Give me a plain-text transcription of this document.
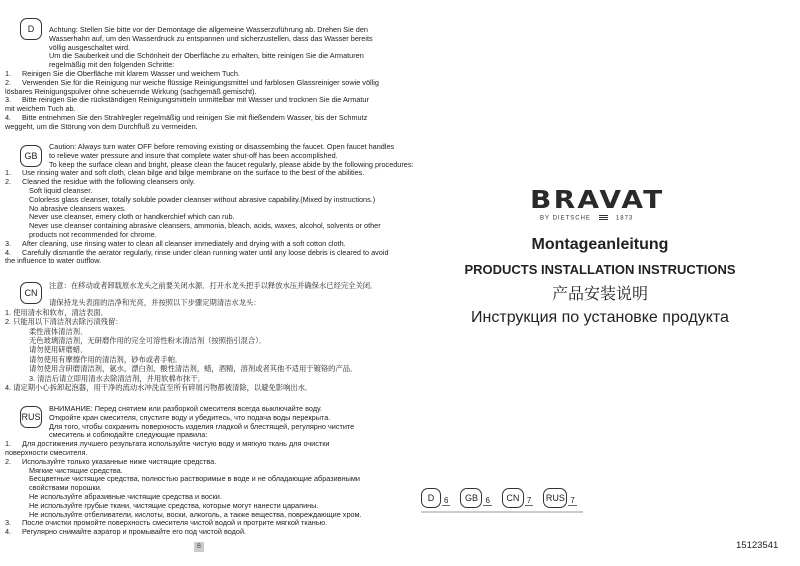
D	Achtung: Stellen Sie bitte vor der Demontage die allgemeine Wasserzuführung ab. Drehen Sie den
Wasserhahn auf, um den Wasserdruck zu entspannen und sicherzustellen, dass das Wasser bereits
völlig ausgeschaltet wird.
Um die Sauberkeit und die Schönheit der Oberfläche zu erhalten, bitte reinigen Sie die Armaturen
regelmäßig mit den folgenden Schritte:
1. Reinigen Sie die Oberfläche mit klarem Wasser und weichem Tuch.
2. Verwenden Sie für die Reinigung nur weiche flüssige Reinigungsmittel und farblosen Glassreiniger sowie völlig
lösbares Reinigungspulver ohne scheuernde Wirkung (sachgemäß gemischt).
3. Bitte reinigen Sie die rückständigen Reinigungsmitteln unmittelbar mit Wasser und trocknen Sie die Armatur
mit weichem Tuch ab.
4. Bitte entnehmen Sie den Strahlregler regelmäßig und reinigen Sie mit fließendem Wasser, bis der Schmutz
weggeht, um die Störung von dem Durchfluß zu vermeiden.
GB
Caution: Always turn water OFF before removing existing or disassembing the faucet. Open faucet handles
to relieve water pressure and insure that complete water shut-off has been accomplished.
To keep the surface clean and bright, please clean the faucet regularly, please abide by the following procedures:
1. Use rinsing water and soft cloth, clean bilge and bilge membrane on the surface to the best of the abilities.
2. Cleaned the residue with the following cleansers only.
Soft liquid cleanser.
Colorless glass cleanser, totally soluble powder cleanser without abrasive capability.(Mixed by instructions.)
No abrasive cleansers waxes.
Never use cleanser, emery cloth or handkerchief which can rub.
Never use cleanser containing abrasive cleansers, ammonia, bleach, acids, waxes, alcohol, solvents or other
products not recommended for chrome.
3. After cleaning, use rinsing water to clean all cleanser immediately and drying with a soft cotton cloth.
4. Carefully dismantle the aerator regularly, rinse under clean running water until any loose debris is cleared to avoid
the influence to water outflow.
CN
注意：在移动或者卸载原水龙头之前要关闭水源．打开水龙头把手以释放水压并确保水已经完全关闭．
请保持龙头表面的洁净和光亮，并按照以下步骤定期清洁水龙头：
1. 使用清水和软布，清洁表面．
2. 只能用以下清洁剂去除污渍残留：
柔性液体清洁剂．
无色玻璃清洁剂，无研磨作用的完全可溶性粉末清洁剂（按照指引混合）．
请勿使用研磨蜡．
请勿使用有摩擦作用的清洁剂，砂布或者手帕．
请勿使用含研磨清洁剂，氨水，漂白剂，酸性清洁剂，蜡，酒精，溶剂或者其他不适用于镀铬的产品．
3. 清洁后请立即用清水去除清洁剂，并用软棉布抹干．
4. 请定期小心拆卸起泡器，用干净的流动水冲洗直至所有碎屑污物都被清除，以避免影响出水．
RUS
ВНИМАНИЕ: Перед снятием или разборкой смесителя всегда выключайте воду.
Откройте кран смесителя, спустите воду и убедитесь, что подача воды перекрыта.
Для того, чтобы сохранить поверхность изделия гладкой и блестящей, регулярно чистите
смеситель и соблюдайте следующие правила:
1. Для достижения лучшего результата используйте чистую воду и мягкую ткань для очистки
поверхности смесителя.
2. Используйте только указанные ниже чистящие средства.
Мягкие чистящие средства.
Бесцветные чистящие средства, полностью растворимые в воде и не обладающие абразивными
свойствами порошки.
Не используйте абразивные чистящие средства и воски.
Не используйте грубые ткани, чистящие средства, которые могут нанести царапины.
Не используйте отбеливатели, кислоты, воски, алкоголь, а также вещества, повреждающие хром.
3. После очистки промойте поверхность смесителя чистой водой и протрите мягкой тканью.
4. Регулярно снимайте аэратор и промывайте его под чистой водой.
8
BRAVAT
BY DIETSCHE	1873
Montageanleitung
PRODUCTS INSTALLATION INSTRUCTIONS
产品安装说明
Инструкция по установке продукта
D	6	GB 6	CN 7 RUS 7
15123541
